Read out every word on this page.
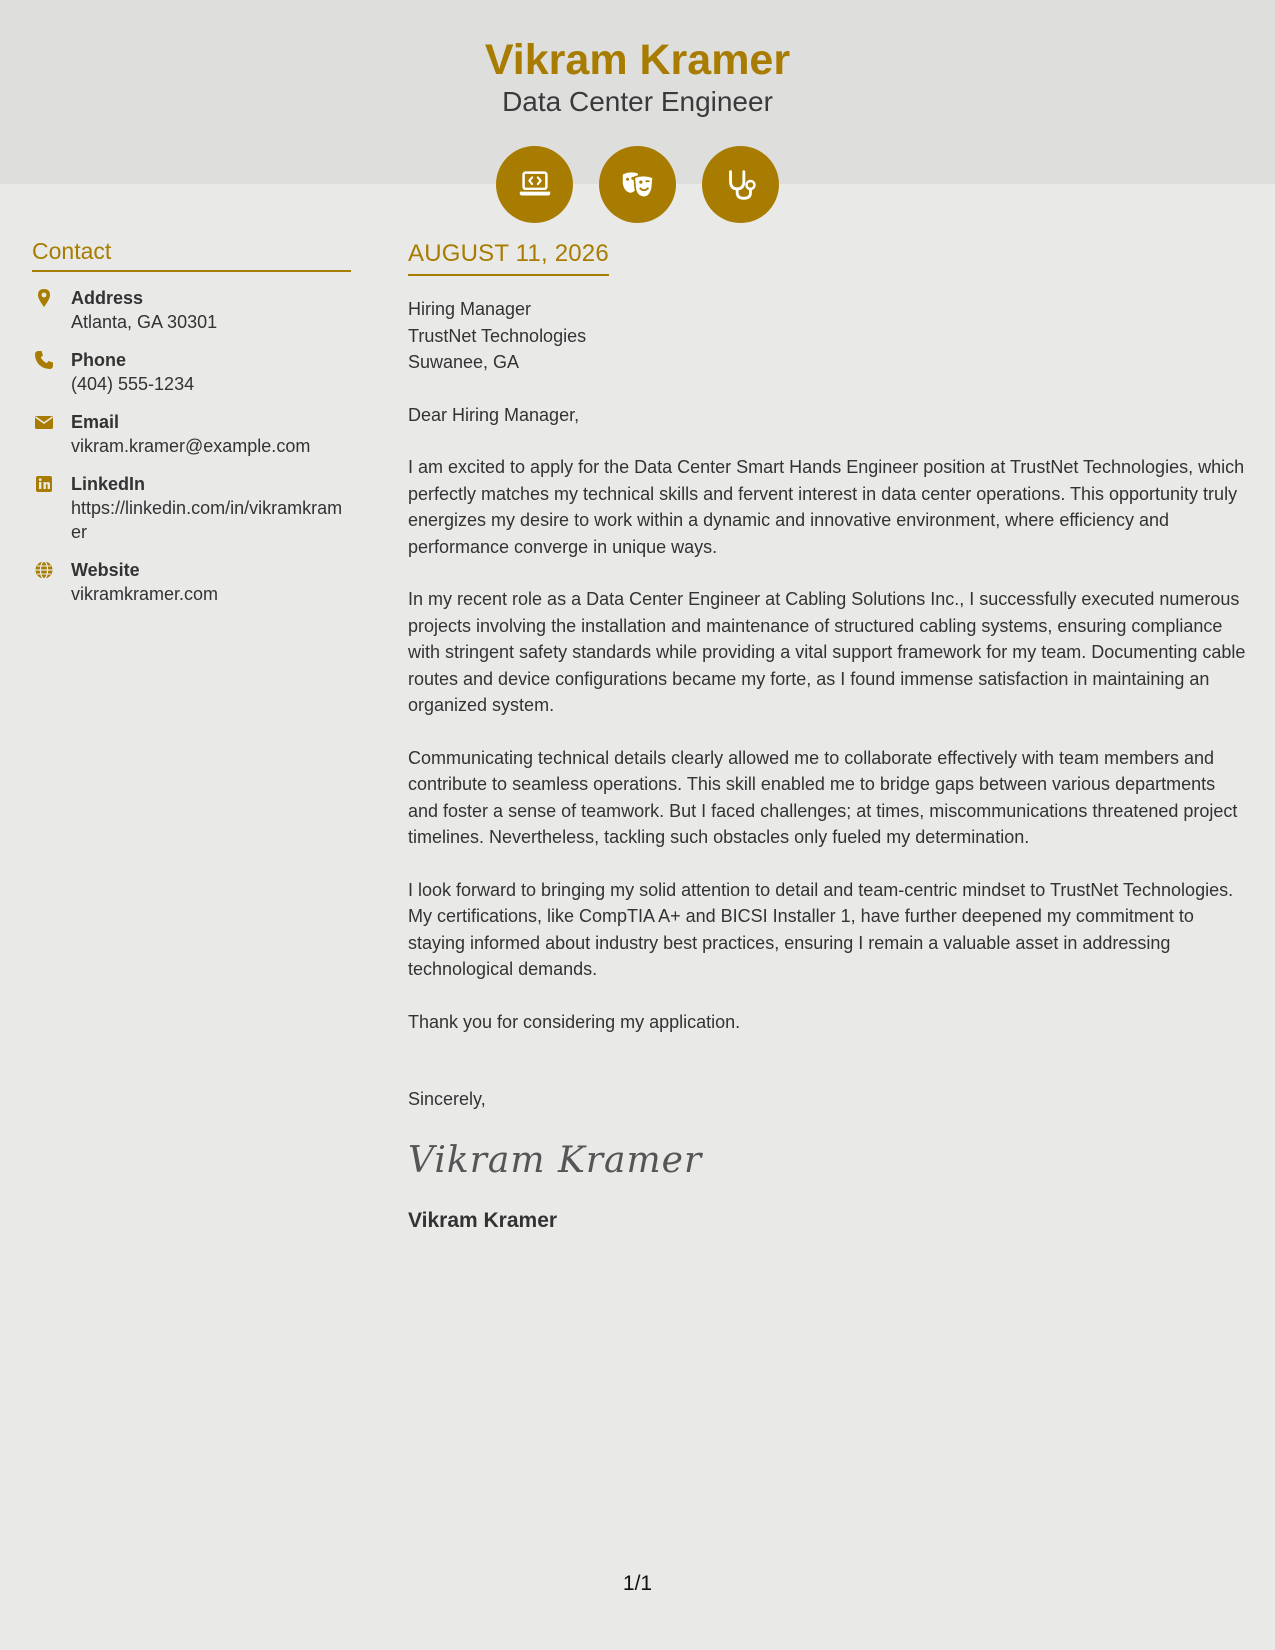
Vikram Kramer
Data Center Engineer
Contact
Address
Atlanta, GA 30301
Phone
(404) 555-1234
Email
vikram.kramer@example.com
LinkedIn
https://linkedin.com/in/vikramkramer
Website
vikramkramer.com
AUGUST 11, 2026
Hiring Manager
TrustNet Technologies
Suwanee, GA

Dear Hiring Manager,

I am excited to apply for the Data Center Smart Hands Engineer position at TrustNet Technologies, which perfectly matches my technical skills and fervent interest in data center operations. This opportunity truly energizes my desire to work within a dynamic and innovative environment, where efficiency and performance converge in unique ways.

In my recent role as a Data Center Engineer at Cabling Solutions Inc., I successfully executed numerous projects involving the installation and maintenance of structured cabling systems, ensuring compliance with stringent safety standards while providing a vital support framework for my team. Documenting cable routes and device configurations became my forte, as I found immense satisfaction in maintaining an organized system.

Communicating technical details clearly allowed me to collaborate effectively with team members and contribute to seamless operations. This skill enabled me to bridge gaps between various departments and foster a sense of teamwork. But I faced challenges; at times, miscommunications threatened project timelines. Nevertheless, tackling such obstacles only fueled my determination.

I look forward to bringing my solid attention to detail and team-centric mindset to TrustNet Technologies. My certifications, like CompTIA A+ and BICSI Installer 1, have further deepened my commitment to staying informed about industry best practices, ensuring I remain a valuable asset in addressing technological demands.

Thank you for considering my application.

Sincerely,
Vikram Kramer
Vikram Kramer
1/1
